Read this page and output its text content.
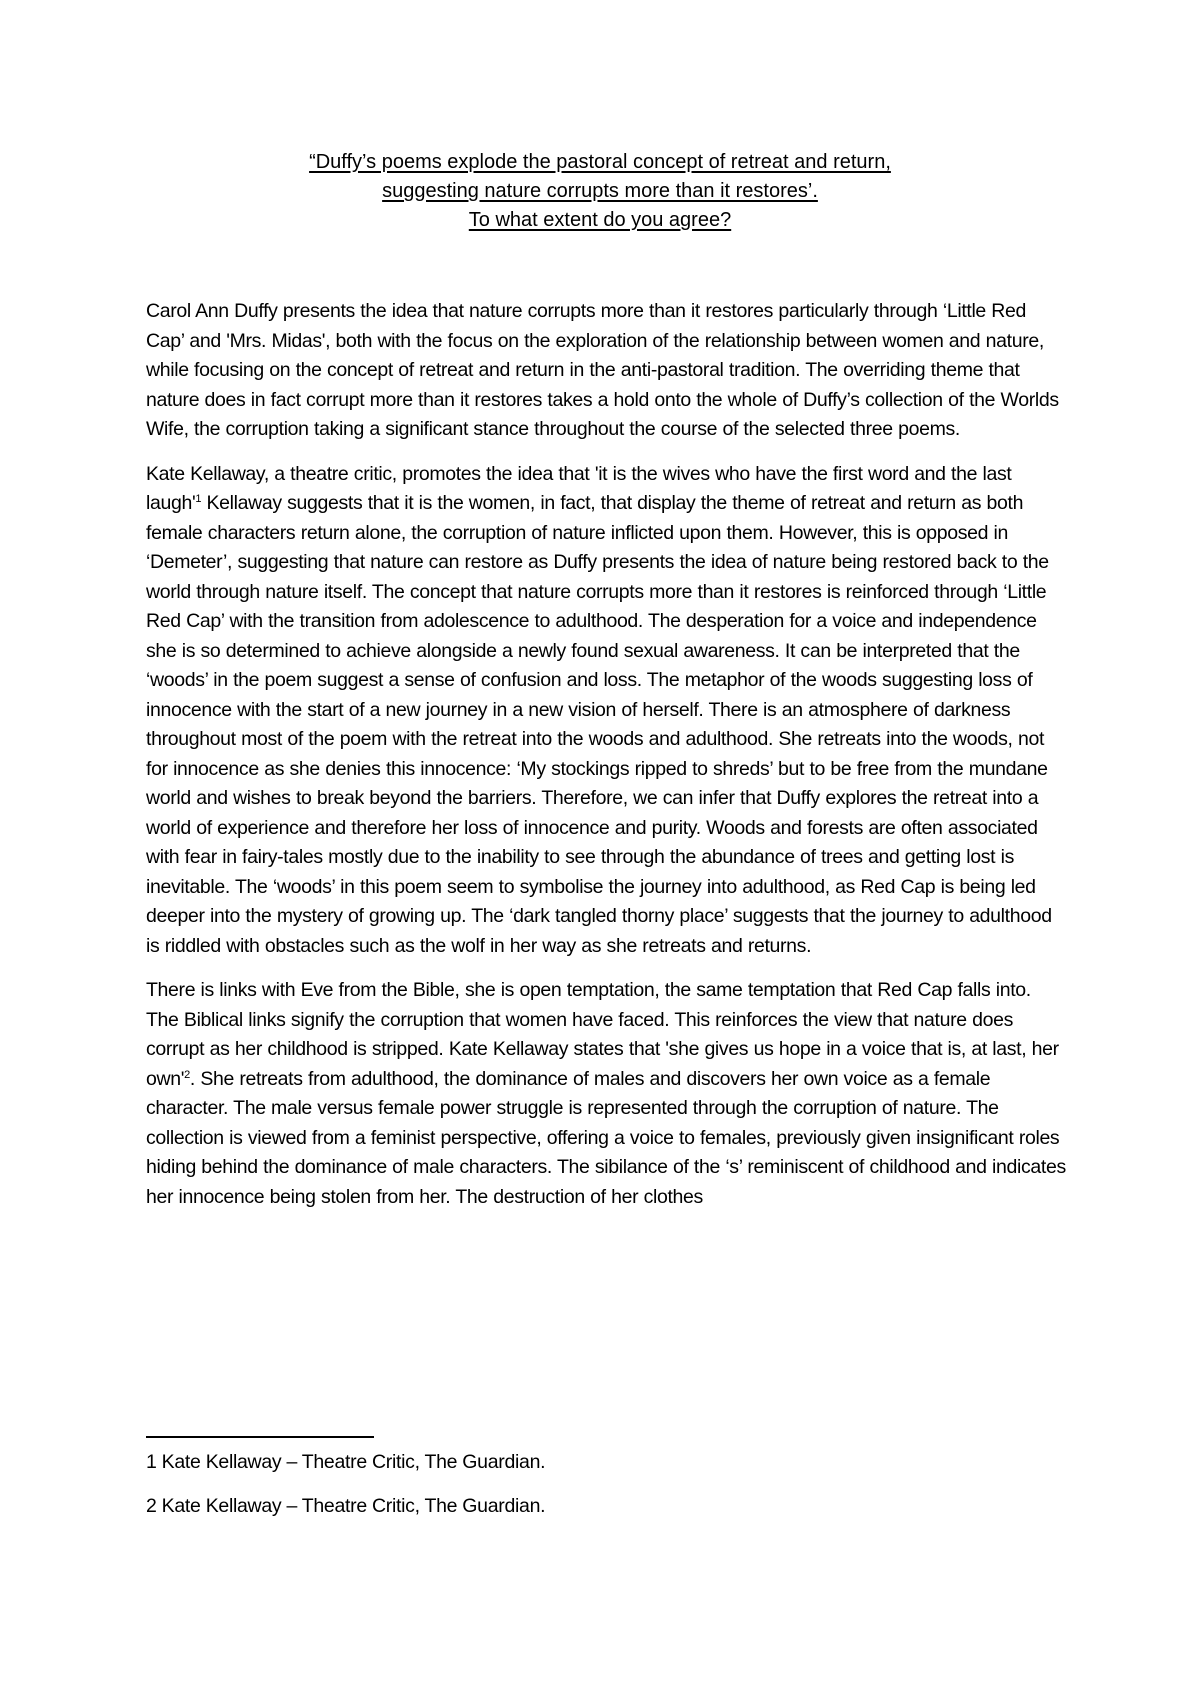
“Duffy’s poems explode the pastoral concept of retreat and return,
suggesting nature corrupts more than it restores’.
To what extent do you agree?

Carol Ann Duffy presents the idea that nature corrupts more than it restores particularly through ‘Little Red Cap’ and 'Mrs. Midas', both with the focus on the exploration of the relationship between women and nature, while focusing on the concept of retreat and return in the anti-pastoral tradition. The overriding theme that nature does in fact corrupt more than it restores takes a hold onto the whole of Duffy’s collection of the Worlds Wife, the corruption taking a significant stance throughout the course of the selected three poems.

Kate Kellaway, a theatre critic, promotes the idea that 'it is the wives who have the first word and the last laugh'$^1$ Kellaway suggests that it is the women, in fact, that display the theme of retreat and return as both female characters return alone, the corruption of nature inflicted upon them. However, this is opposed in ‘Demeter’, suggesting that nature can restore as Duffy presents the idea of nature being restored back to the world through nature itself. The concept that nature corrupts more than it restores is reinforced through ‘Little Red Cap’ with the transition from adolescence to adulthood. The desperation for a voice and independence she is so determined to achieve alongside a newly found sexual awareness. It can be interpreted that the ‘woods’ in the poem suggest a sense of confusion and loss. The metaphor of the woods suggesting loss of innocence with the start of a new journey in a new vision of herself. There is an atmosphere of darkness throughout most of the poem with the retreat into the woods and adulthood. She retreats into the woods, not for innocence as she denies this innocence: ‘My stockings ripped to shreds’ but to be free from the mundane world and wishes to break beyond the barriers. Therefore, we can infer that Duffy explores the retreat into a world of experience and therefore her loss of innocence and purity. Woods and forests are often associated with fear in fairy-tales mostly due to the inability to see through the abundance of trees and getting lost is inevitable. The ‘woods’ in this poem seem to symbolise the journey into adulthood, as Red Cap is being led deeper into the mystery of growing up. The ‘dark tangled thorny place’ suggests that the journey to adulthood is riddled with obstacles such as the wolf in her way as she retreats and returns.

There is links with Eve from the Bible, she is open temptation, the same temptation that Red Cap falls into. The Biblical links signify the corruption that women have faced. This reinforces the view that nature does corrupt as her childhood is stripped. Kate Kellaway states that 'she gives us hope in a voice that is, at last, her own'$^2$. She retreats from adulthood, the dominance of males and discovers her own voice as a female character. The male versus female power struggle is represented through the corruption of nature. The collection is viewed from a feminist perspective, offering a voice to females, previously given insignificant roles hiding behind the dominance of male characters. The sibilance of the ‘s’ reminiscent of childhood and indicates her innocence being stolen from her. The destruction of her clothes

1 Kate Kellaway – Theatre Critic, The Guardian.

2 Kate Kellaway – Theatre Critic, The Guardian.
